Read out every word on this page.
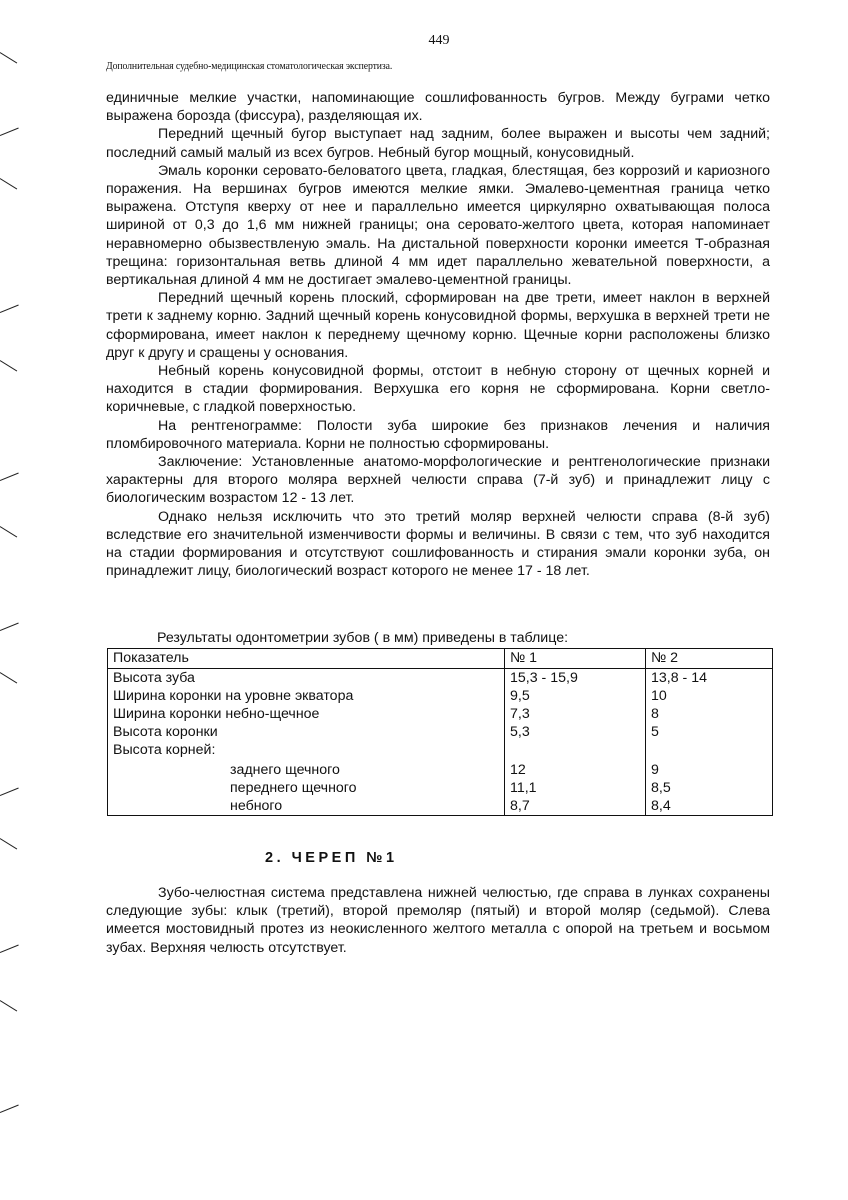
449
Дополнительная судебно-медицинская стоматологическая экспертиза.

единичные мелкие участки, напоминающие сошлифованность бугров. Между буграми четко выражена борозда (фиссура), разделяющая их.

Передний щечный бугор выступает над задним, более выражен и высоты чем задний; последний самый малый из всех бугров. Небный бугор мощный, конусовидный.

Эмаль коронки серовато-беловатого цвета, гладкая, блестящая, без коррозий и кариозного поражения. На вершинах бугров имеются мелкие ямки. Эмалево-цементная граница четко выражена. Отступя кверху от нее и параллельно имеется циркулярно охватывающая полоса шириной от 0,3 до 1,6 мм нижней границы; она серовато-желтого цвета, которая напоминает неравномерно обызвествленую эмаль. На дистальной поверхности коронки имеется Т-образная трещина: горизонтальная ветвь длиной 4 мм идет параллельно жевательной поверхности, а вертикальная длиной 4 мм не достигает эмалево-цементной границы.

Передний щечный корень плоский, сформирован на две трети, имеет наклон в верхней трети к заднему корню. Задний щечный корень конусовидной формы, верхушка в верхней трети не сформирована, имеет наклон к переднему щечному корню. Щечные корни расположены близко друг к другу и сращены у основания.

Небный корень конусовидной формы, отстоит в небную сторону от щечных корней и находится в стадии формирования. Верхушка его корня не сформирована. Корни светло-коричневые, с гладкой поверхностью.

На рентгенограмме: Полости зуба широкие без признаков лечения и наличия пломбировочного материала. Корни не полностью сформированы.

Заключение: Установленные анатомо-морфологические и рентгенологические признаки характерны для второго моляра верхней челюсти справа (7-й зуб) и принадлежит лицу с биологическим возрастом 12 - 13 лет.

Однако нельзя исключить что это третий моляр верхней челюсти справа (8-й зуб) вследствие его значительной изменчивости формы и величины. В связи с тем, что зуб находится на стадии формирования и отсутствуют сошлифованность и стирания эмали коронки зуба, он принадлежит лицу, биологический возраст которого не менее 17 - 18 лет.

Результаты одонтометрии зубов ( в мм) приведены в таблице:
Показатель	№ 1	№ 2
Высота зуба	15,3 - 15,9	13,8 - 14
Ширина коронки на уровне экватора	9,5	10
Ширина коронки небно-щечное	7,3	8
Высота коронки	5,3	5
Высота корней:		
заднего щечного	12	9
переднего щечного	11,1	8,5
небного	8,7	8,4
2. ЧЕРЕП №1

Зубо-челюстная система представлена нижней челюстью, где справа в лунках сохранены следующие зубы: клык (третий), второй премоляр (пятый) и второй моляр (седьмой). Слева имеется мостовидный протез из неокисленного желтого металла с опорой на третьем и восьмом зубах. Верхняя челюсть отсутствует.
